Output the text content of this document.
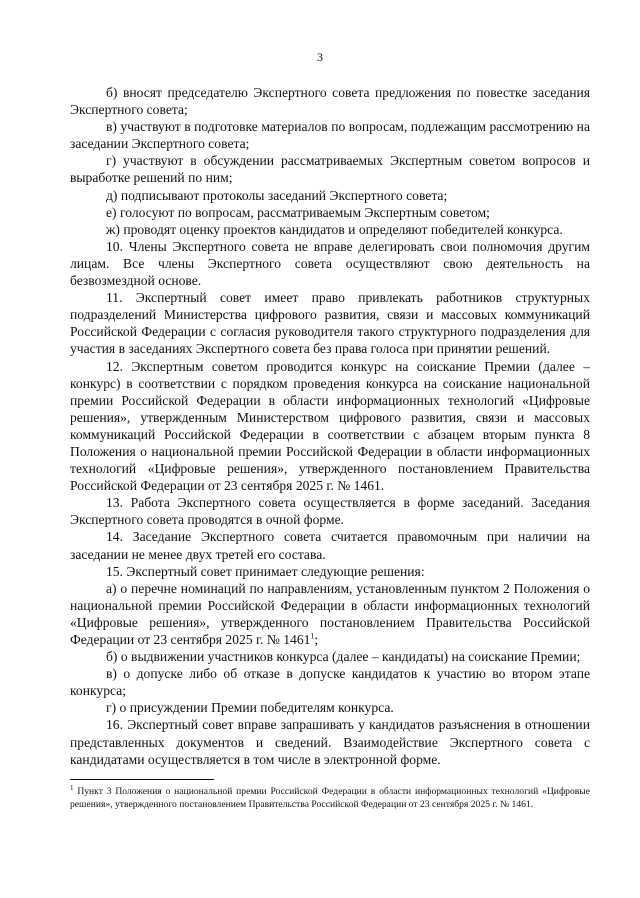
3

б) вносят председателю Экспертного совета предложения по повестке заседания Экспертного совета;

в) участвуют в подготовке материалов по вопросам, подлежащим рассмотрению на заседании Экспертного совета;

г) участвуют в обсуждении рассматриваемых Экспертным советом вопросов и выработке решений по ним;

д) подписывают протоколы заседаний Экспертного совета;

е) голосуют по вопросам, рассматриваемым Экспертным советом;

ж) проводят оценку проектов кандидатов и определяют победителей конкурса.

10. Члены Экспертного совета не вправе делегировать свои полномочия другим лицам. Все члены Экспертного совета осуществляют свою деятельность на безвозмездной основе.

11. Экспертный совет имеет право привлекать работников структурных подразделений Министерства цифрового развития, связи и массовых коммуникаций Российской Федерации с согласия руководителя такого структурного подразделения для участия в заседаниях Экспертного совета без права голоса при принятии решений.

12. Экспертным советом проводится конкурс на соискание Премии (далее – конкурс) в соответствии с порядком проведения конкурса на соискание национальной премии Российской Федерации в области информационных технологий «Цифровые решения», утвержденным Министерством цифрового развития, связи и массовых коммуникаций Российской Федерации в соответствии с абзацем вторым пункта 8 Положения о национальной премии Российской Федерации в области информационных технологий «Цифровые решения», утвержденного постановлением Правительства Российской Федерации от 23 сентября 2025 г. № 1461.

13. Работа Экспертного совета осуществляется в форме заседаний. Заседания Экспертного совета проводятся в очной форме.

14. Заседание Экспертного совета считается правомочным при наличии на заседании не менее двух третей его состава.

15. Экспертный совет принимает следующие решения:

а) о перечне номинаций по направлениям, установленным пунктом 2 Положения о национальной премии Российской Федерации в области информационных технологий «Цифровые решения», утвержденного постановлением Правительства Российской Федерации от 23 сентября 2025 г. № 1461$^1$;

б) о выдвижении участников конкурса (далее – кандидаты) на соискание Премии;

в) о допуске либо об отказе в допуске кандидатов к участию во втором этапе конкурса;

г) о присуждении Премии победителям конкурса.

16. Экспертный совет вправе запрашивать у кандидатов разъяснения в отношении представленных документов и сведений. Взаимодействие Экспертного совета с кандидатами осуществляется в том числе в электронной форме.

$^1$ Пункт 3 Положения о национальной премии Российской Федерации в области информационных технологий «Цифровые решения», утвержденного постановлением Правительства Российской Федерации от 23 сентября 2025 г. № 1461.
